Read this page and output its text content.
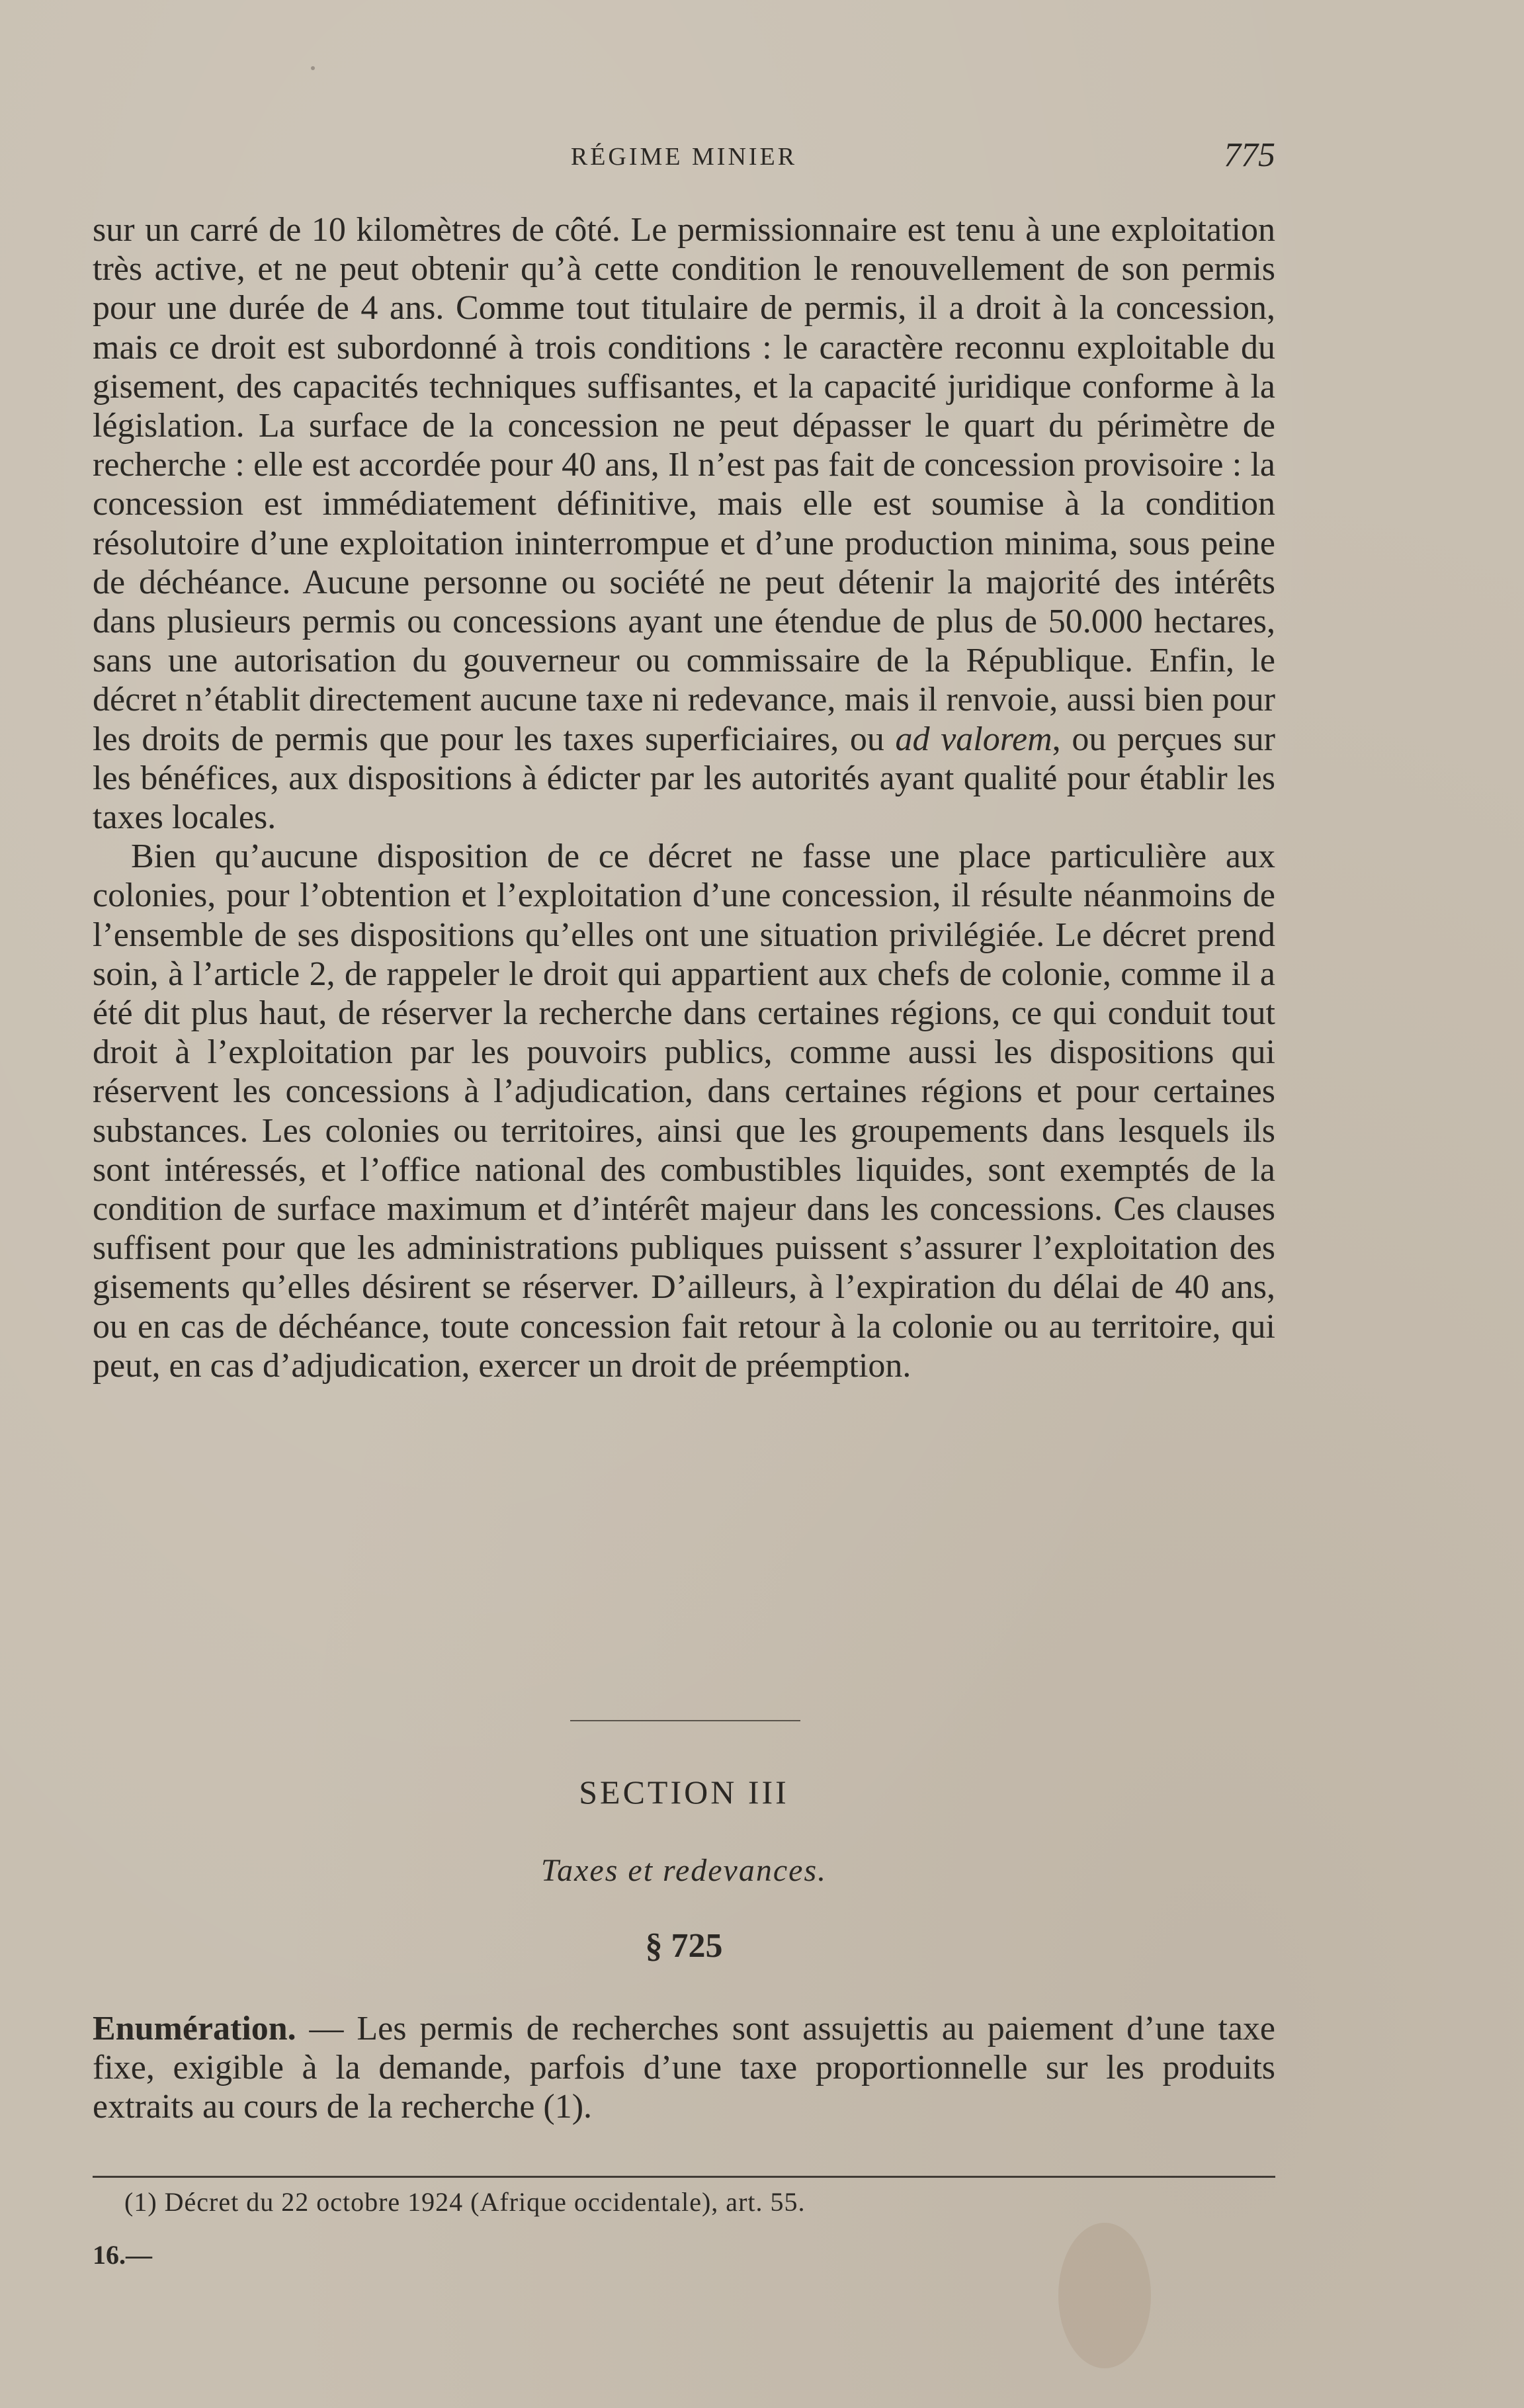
RÉGIME MINIER	775

sur un carré de 10 kilomètres de côté. Le permissionnaire est tenu à une exploitation très active, et ne peut obtenir qu’à cette condition le renouvellement de son permis pour une durée de 4 ans. Comme tout titulaire de permis, il a droit à la concession, mais ce droit est subordonné à trois conditions : le caractère reconnu exploitable du gisement, des capacités techniques suffisantes, et la capacité juridique conforme à la législation. La surface de la concession ne peut dépasser le quart du périmètre de recherche : elle est accordée pour 40 ans, Il n’est pas fait de concession provisoire : la concession est immédiatement définitive, mais elle est soumise à la condition résolutoire d’une exploitation ininterrompue et d’une production minima, sous peine de déchéance. Aucune personne ou société ne peut détenir la majorité des intérêts dans plusieurs permis ou concessions ayant une étendue de plus de 50.000 hectares, sans une autorisation du gouverneur ou commissaire de la République. Enfin, le décret n’établit directement aucune taxe ni redevance, mais il renvoie, aussi bien pour les droits de permis que pour les taxes superficiaires, ou ad valorem, ou perçues sur les bénéfices, aux dispositions à édicter par les autorités ayant qualité pour établir les taxes locales.

Bien qu’aucune disposition de ce décret ne fasse une place particulière aux colonies, pour l’obtention et l’exploitation d’une concession, il résulte néanmoins de l’ensemble de ses dispositions qu’elles ont une situation privilégiée. Le décret prend soin, à l’article 2, de rappeler le droit qui appartient aux chefs de colonie, comme il a été dit plus haut, de réserver la recherche dans certaines régions, ce qui conduit tout droit à l’exploitation par les pouvoirs publics, comme aussi les dispositions qui réservent les concessions à l’adjudication, dans certaines régions et pour certaines substances. Les colonies ou territoires, ainsi que les groupements dans lesquels ils sont intéressés, et l’office national des combustibles liquides, sont exemptés de la condition de surface maximum et d’intérêt majeur dans les concessions. Ces clauses suffisent pour que les administrations publiques puissent s’assurer l’exploitation des gisements qu’elles désirent se réserver. D’ailleurs, à l’expiration du délai de 40 ans, ou en cas de déchéance, toute concession fait retour à la colonie ou au territoire, qui peut, en cas d’adjudication, exercer un droit de préemption.

SECTION III
Taxes et redevances.
§ 725
Enumération. — Les permis de recherches sont assujettis au paiement d’une taxe fixe, exigible à la demande, parfois d’une taxe proportionnelle sur les produits extraits au cours de la recherche (1).
(1) Décret du 22 octobre 1924 (Afrique occidentale), art. 55.
16.—
